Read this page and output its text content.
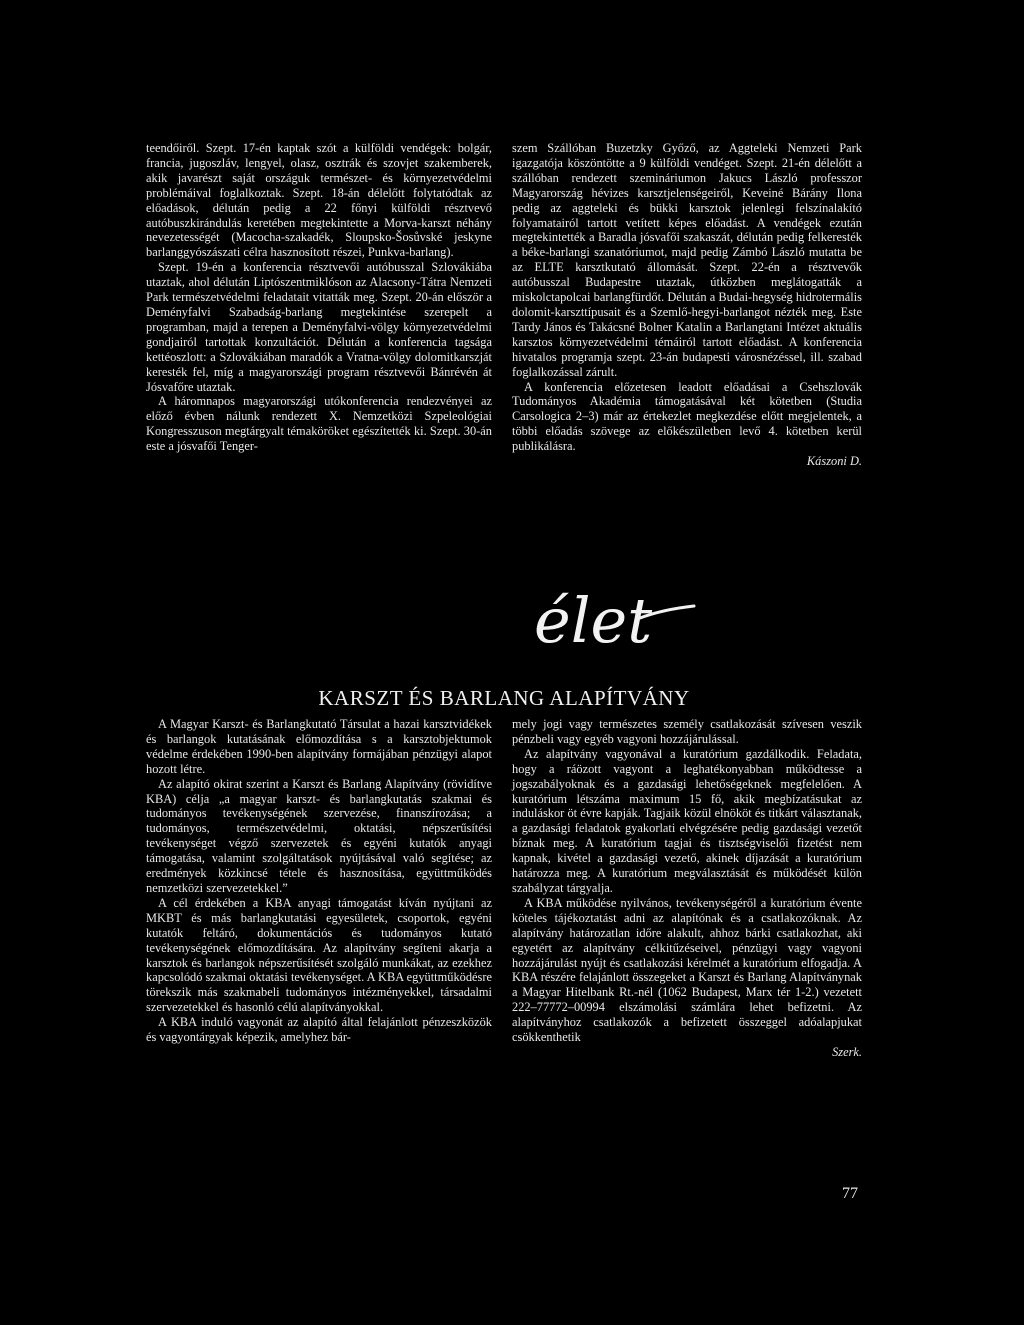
teendőiről. Szept. 17-én kaptak szót a külföldi vendégek: bolgár, francia, jugoszláv, lengyel, olasz, osztrák és szovjet szakemberek, akik javarészt saját országuk természet- és környezetvédelmi problémáival foglalkoztak. Szept. 18-án délelőtt folytatódtak az előadások, délután pedig a 22 főnyi külföldi résztvevő autóbuszkirándulás keretében megtekintette a Morva-karszt néhány nevezetességét (Macocha-szakadék, Sloupsko-Šosůvské jeskyne barlanggyószászati célra hasznosított részei, Punkva-barlang).

Szept. 19-én a konferencia résztvevői autóbusszal Szlovákiába utaztak, ahol délután Liptószentmiklóson az Alacsony-Tátra Nemzeti Park természetvédelmi feladatait vitatták meg. Szept. 20-án először a Deményfalvi Szabadság-barlang megtekintése szerepelt a programban, majd a terepen a Deményfalvi-völgy környezetvédelmi gondjairól tartottak konzultációt. Délután a konferencia tagsága kettéoszlott: a Szlovákiában maradók a Vratna-völgy dolomitkarszját keresték fel, míg a magyarországi program résztvevői Bánrévén át Jósvafőre utaztak.

A háromnapos magyarországi utókonferencia rendezvényei az előző évben nálunk rendezett X. Nemzetközi Szpeleológiai Kongresszuson megtárgyalt témaköröket egészítették ki. Szept. 30-án este a jósvafői Tenger-

szem Szállóban Buzetzky Győző, az Aggteleki Nemzeti Park igazgatója köszöntötte a 9 külföldi vendéget. Szept. 21-én délelőtt a szállóban rendezett szemináriumon Jakucs László professzor Magyarország hévizes karsztjelenségeiről, Keveiné Bárány Ilona pedig az aggteleki és bükki karsztok jelenlegi felszínalakító folyamatairól tartott vetített képes előadást. A vendégek ezután megtekintették a Baradla jósvafői szakaszát, délután pedig felkeresték a béke-barlangi szanatóriumot, majd pedig Zámbó László mutatta be az ELTE karsztkutató állomását. Szept. 22-én a résztvevők autóbusszal Budapestre utaztak, útközben meglátogatták a miskolctapolcai barlangfürdőt. Délután a Budai-hegység hidrotermális dolomit-karszttípusait és a Szemlő-hegyi-barlangot nézték meg. Este Tardy János és Takácsné Bolner Katalin a Barlangtani Intézet aktuális karsztos környezetvédelmi témáiról tartott előadást. A konferencia hivatalos programja szept. 23-án budapesti városnézéssel, ill. szabad foglalkozással zárult.

A konferencia előzetesen leadott előadásai a Csehszlovák Tudományos Akadémia támogatásával két kötetben (Studia Carsologica 2–3) már az értekezlet megkezdése előtt megjelentek, a többi előadás szövege az előkészületben levő 4. kötetben kerül publikálásra.

Kászoni D.

élet
KARSZT ÉS BARLANG ALAPÍTVÁNY

A Magyar Karszt- és Barlangkutató Társulat a hazai karsztvidékek és barlangok kutatásának előmozdítása s a karsztobjektumok védelme érdekében 1990-ben alapítvány formájában pénzügyi alapot hozott létre.

Az alapító okirat szerint a Karszt és Barlang Alapítvány (rövidítve KBA) célja „a magyar karszt- és barlangkutatás szakmai és tudományos tevékenységének szervezése, finanszírozása; a tudományos, természetvédelmi, oktatási, népszerűsítési tevékenységet végző szervezetek és egyéni kutatók anyagi támogatása, valamint szolgáltatások nyújtásával való segítése; az eredmények közkincsé tétele és hasznosítása, együttműködés nemzetközi szervezetekkel.”

A cél érdekében a KBA anyagi támogatást kíván nyújtani az MKBT és más barlangkutatási egyesületek, csoportok, egyéni kutatók feltáró, dokumentációs és tudományos kutató tevékenységének előmozdítására. Az alapítvány segíteni akarja a karsztok és barlangok népszerűsítését szolgáló munkákat, az ezekhez kapcsolódó szakmai oktatási tevékenységet. A KBA együttműködésre törekszik más szakmabeli tudományos intézményekkel, társadalmi szervezetekkel és hasonló célú alapítványokkal.

A KBA induló vagyonát az alapító által felajánlott pénzeszközök és vagyontárgyak képezik, amelyhez bár-

mely jogi vagy természetes személy csatlakozását szívesen veszik pénzbeli vagy egyéb vagyoni hozzájárulással.

Az alapítvány vagyonával a kuratórium gazdálkodik. Feladata, hogy a ráözott vagyont a leghatékonyabban működtesse a jogszabályoknak és a gazdasági lehetőségeknek megfelelően. A kuratórium létszáma maximum 15 fő, akik megbízatásukat az induláskor öt évre kapják. Tagjaik közül elnököt és titkárt választanak, a gazdasági feladatok gyakorlati elvégzésére pedig gazdasági vezetőt bíznak meg. A kuratórium tagjai és tisztségviselői fizetést nem kapnak, kivétel a gazdasági vezető, akinek díjazását a kuratórium határozza meg. A kuratórium megválasztását és működését külön szabályzat tárgyalja.

A KBA működése nyilvános, tevékenységéről a kuratórium évente köteles tájékoztatást adni az alapítónak és a csatlakozóknak. Az alapítvány határozatlan időre alakult, ahhoz bárki csatlakozhat, aki egyetért az alapítvány célkitűzéseivel, pénzügyi vagy vagyoni hozzájárulást nyújt és csatlakozási kérelmét a kuratórium elfogadja. A KBA részére felajánlott összegeket a Karszt és Barlang Alapítványnak a Magyar Hitelbank Rt.-nél (1062 Budapest, Marx tér 1-2.) vezetett 222–77772–00994 elszámolási számlára lehet befizetni. Az alapítványhoz csatlakozók a befizetett összeggel adóalapjukat csökkenthetik

Szerk.

77
